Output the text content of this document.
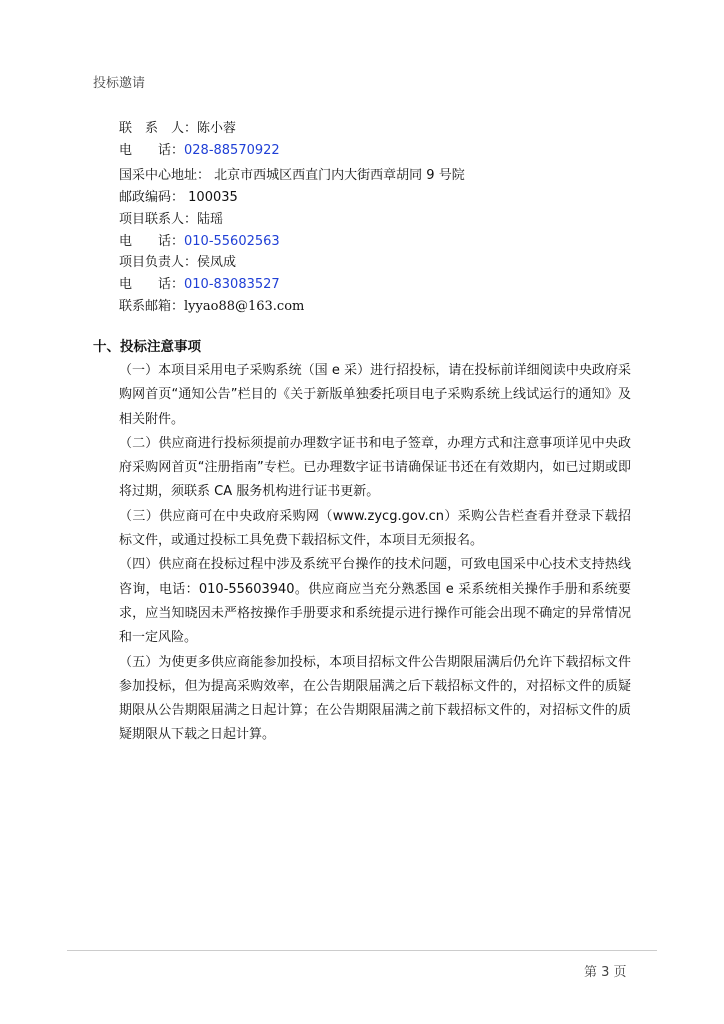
投标邀请
联　系　人：陈小蓉
电　　话：028-88570922
国采中心地址： 北京市西城区西直门内大街西章胡同 9 号院
邮政编码： 100035
项目联系人：陆瑶
电　　话：010-55602563
项目负责人：侯凤成
电　　话：010-83083527
联系邮箱：lyyao88@163.com
十、投标注意事项

（一）本项目采用电子采购系统（国 e 采）进行招投标，请在投标前详细阅读中央政府采购网首页“通知公告”栏目的《关于新版单独委托项目电子采购系统上线试运行的通知》及相关附件。

（二）供应商进行投标须提前办理数字证书和电子签章，办理方式和注意事项详见中央政府采购网首页“注册指南”专栏。已办理数字证书请确保证书还在有效期内，如已过期或即将过期，须联系 CA 服务机构进行证书更新。

（三）供应商可在中央政府采购网（www.zycg.gov.cn）采购公告栏查看并登录下载招标文件，或通过投标工具免费下载招标文件，本项目无须报名。

（四）供应商在投标过程中涉及系统平台操作的技术问题，可致电国采中心技术支持热线咨询，电话：010-55603940。供应商应当充分熟悉国 e 采系统相关操作手册和系统要求，应当知晓因未严格按操作手册要求和系统提示进行操作可能会出现不确定的异常情况和一定风险。

（五）为使更多供应商能参加投标，本项目招标文件公告期限届满后仍允许下载招标文件参加投标，但为提高采购效率，在公告期限届满之后下载招标文件的，对招标文件的质疑期限从公告期限届满之日起计算；在公告期限届满之前下载招标文件的，对招标文件的质疑期限从下载之日起计算。

第 3 页
